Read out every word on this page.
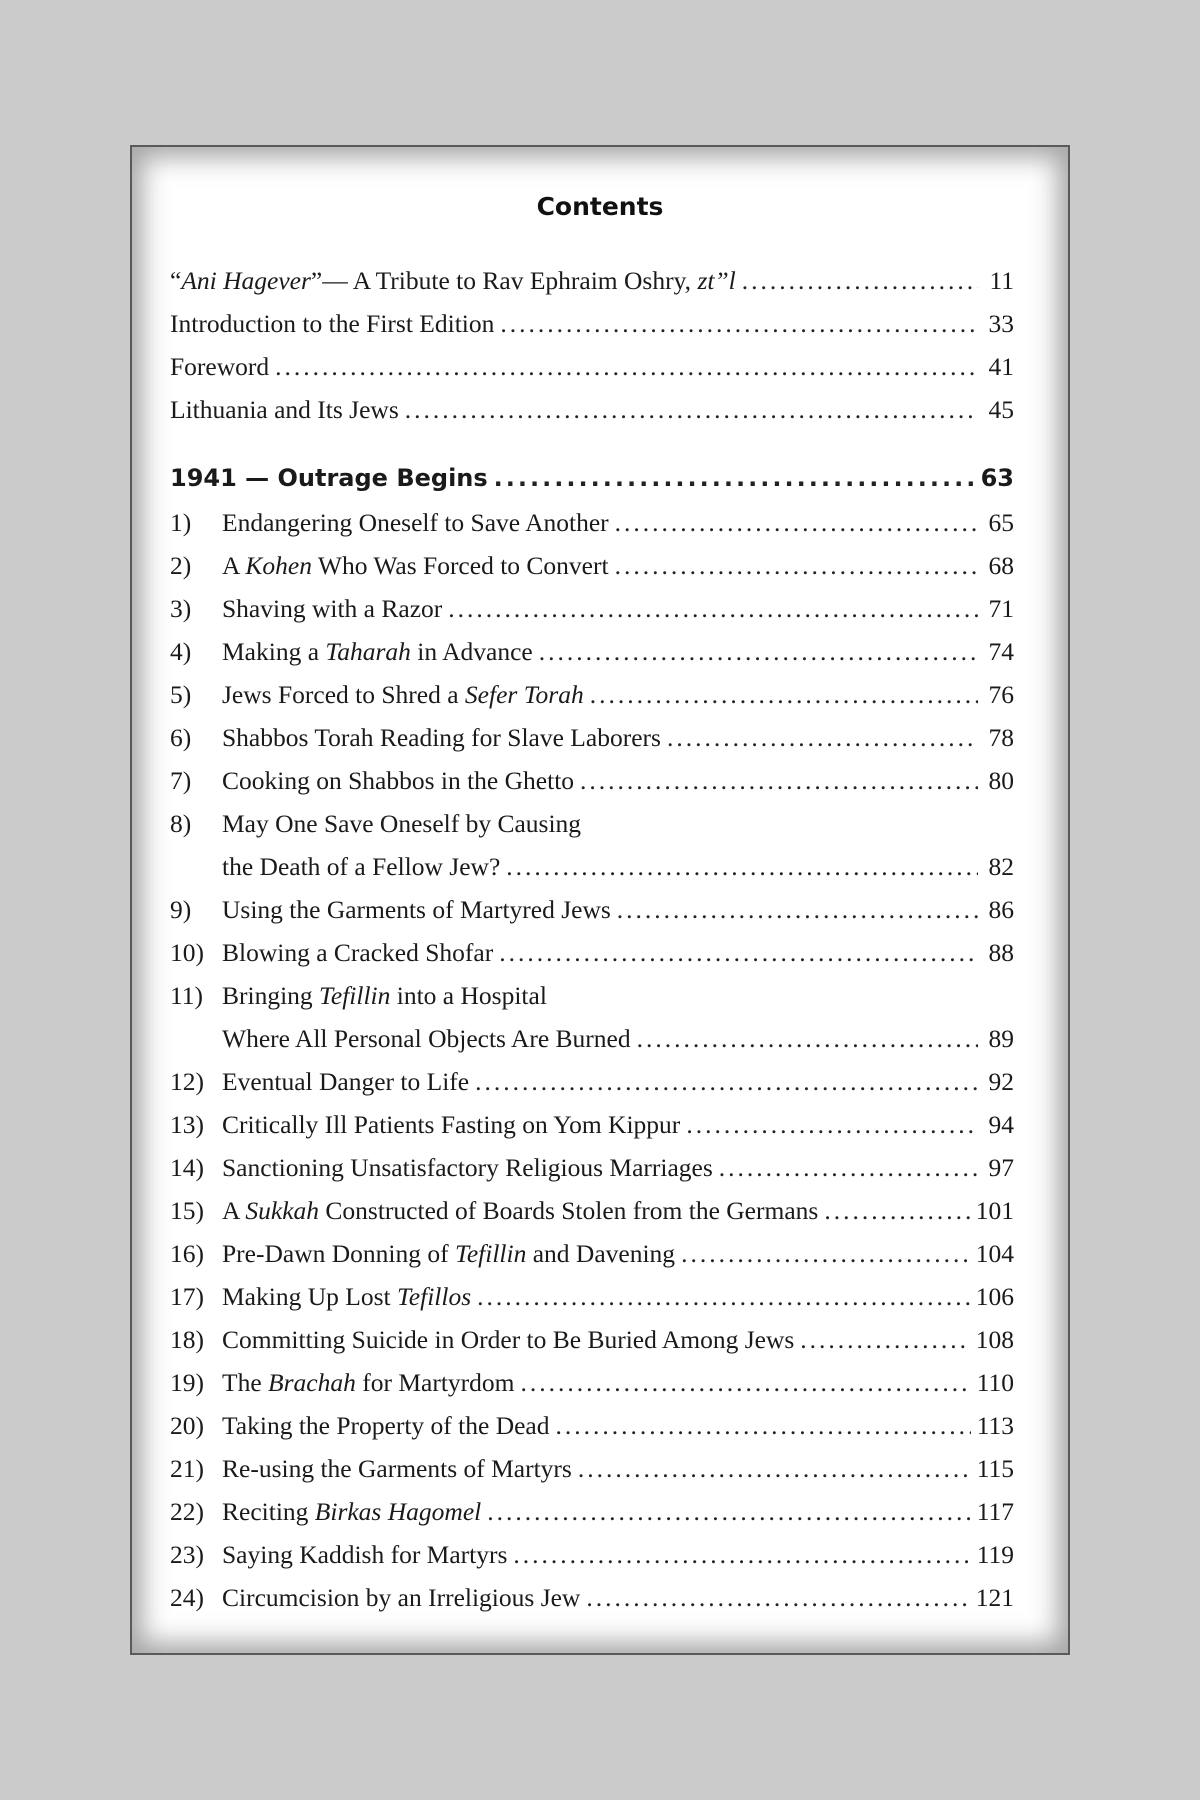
Contents
“Ani Hagever”— A Tribute to Rav Ephraim Oshry, zt”l .....	11
Introduction to the First Edition .....	33
Foreword .....	41
Lithuania and Its Jews .....	45
1941 — Outrage Begins .....	63
1)	Endangering Oneself to Save Another .....	65
2)	A Kohen Who Was Forced to Convert .....	68
3)	Shaving with a Razor .....	71
4)	Making a Taharah in Advance .....	74
5)	Jews Forced to Shred a Sefer Torah .....	76
6)	Shabbos Torah Reading for Slave Laborers .....	78
7)	Cooking on Shabbos in the Ghetto .....	80
8)	May One Save Oneself by Causing
the Death of a Fellow Jew? .....	82
9)	Using the Garments of Martyred Jews .....	86
10) Blowing a Cracked Shofar .....	88
11) Bringing Tefillin into a Hospital
Where All Personal Objects Are Burned .....	89
12) Eventual Danger to Life .....	92
13) Critically Ill Patients Fasting on Yom Kippur .....	94
14) Sanctioning Unsatisfactory Religious Marriages .....	97
15) A Sukkah Constructed of Boards Stolen from the Germans .....	101
16) Pre-Dawn Donning of Tefillin and Davening .....	104
17) Making Up Lost Tefillos .....	106
18) Committing Suicide in Order to Be Buried Among Jews .....	108
19) The Brachah for Martyrdom .....	110
20) Taking the Property of the Dead .....	113
21) Re-using the Garments of Martyrs .....	115
22) Reciting Birkas Hagomel .....	117
23) Saying Kaddish for Martyrs .....	119
24) Circumcision by an Irreligious Jew .....	121
